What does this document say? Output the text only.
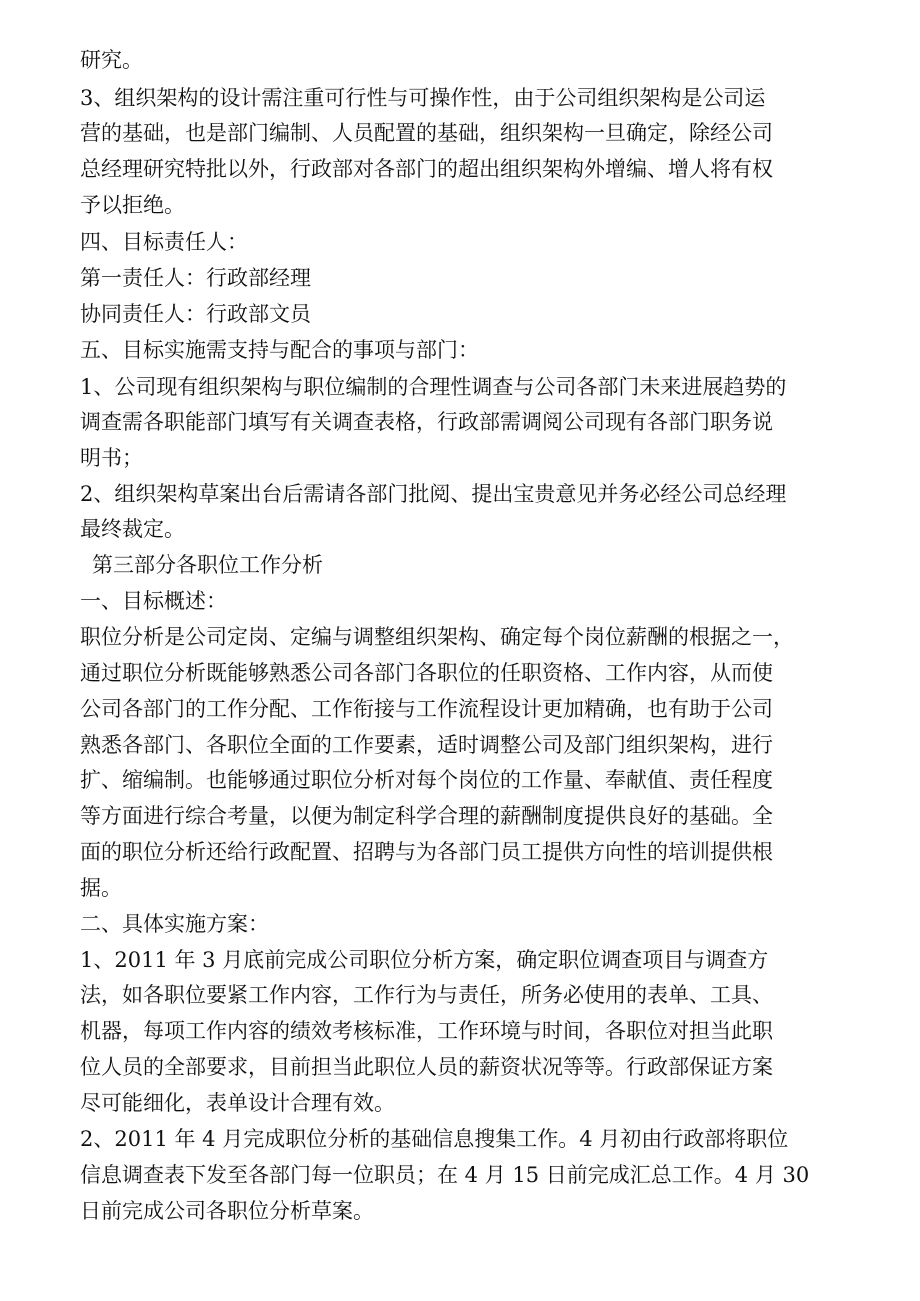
研究。
3、组织架构的设计需注重可行性与可操作性，由于公司组织架构是公司运
营的基础，也是部门编制、人员配置的基础，组织架构一旦确定，除经公司
总经理研究特批以外，行政部对各部门的超出组织架构外增编、增人将有权
予以拒绝。
四、目标责任人：
第一责任人：行政部经理
协同责任人：行政部文员
五、目标实施需支持与配合的事项与部门：
1、公司现有组织架构与职位编制的合理性调查与公司各部门未来进展趋势的
调查需各职能部门填写有关调查表格，行政部需调阅公司现有各部门职务说
明书；
2、组织架构草案出台后需请各部门批阅、提出宝贵意见并务必经公司总经理
最终裁定。
第三部分各职位工作分析
一、目标概述：
职位分析是公司定岗、定编与调整组织架构、确定每个岗位薪酬的根据之一，
通过职位分析既能够熟悉公司各部门各职位的任职资格、工作内容，从而使
公司各部门的工作分配、工作衔接与工作流程设计更加精确，也有助于公司
熟悉各部门、各职位全面的工作要素，适时调整公司及部门组织架构，进行
扩、缩编制。也能够通过职位分析对每个岗位的工作量、奉献值、责任程度
等方面进行综合考量，以便为制定科学合理的薪酬制度提供良好的基础。全
面的职位分析还给行政配置、招聘与为各部门员工提供方向性的培训提供根
据。
二、具体实施方案：
1、2011 年 3 月底前完成公司职位分析方案，确定职位调查项目与调查方
法，如各职位要紧工作内容，工作行为与责任，所务必使用的表单、工具、
机器，每项工作内容的绩效考核标准，工作环境与时间，各职位对担当此职
位人员的全部要求，目前担当此职位人员的薪资状况等等。行政部保证方案
尽可能细化，表单设计合理有效。
2、2011 年 4 月完成职位分析的基础信息搜集工作。4 月初由行政部将职位
信息调查表下发至各部门每一位职员；在 4 月 15 日前完成汇总工作。4 月 30
日前完成公司各职位分析草案。
